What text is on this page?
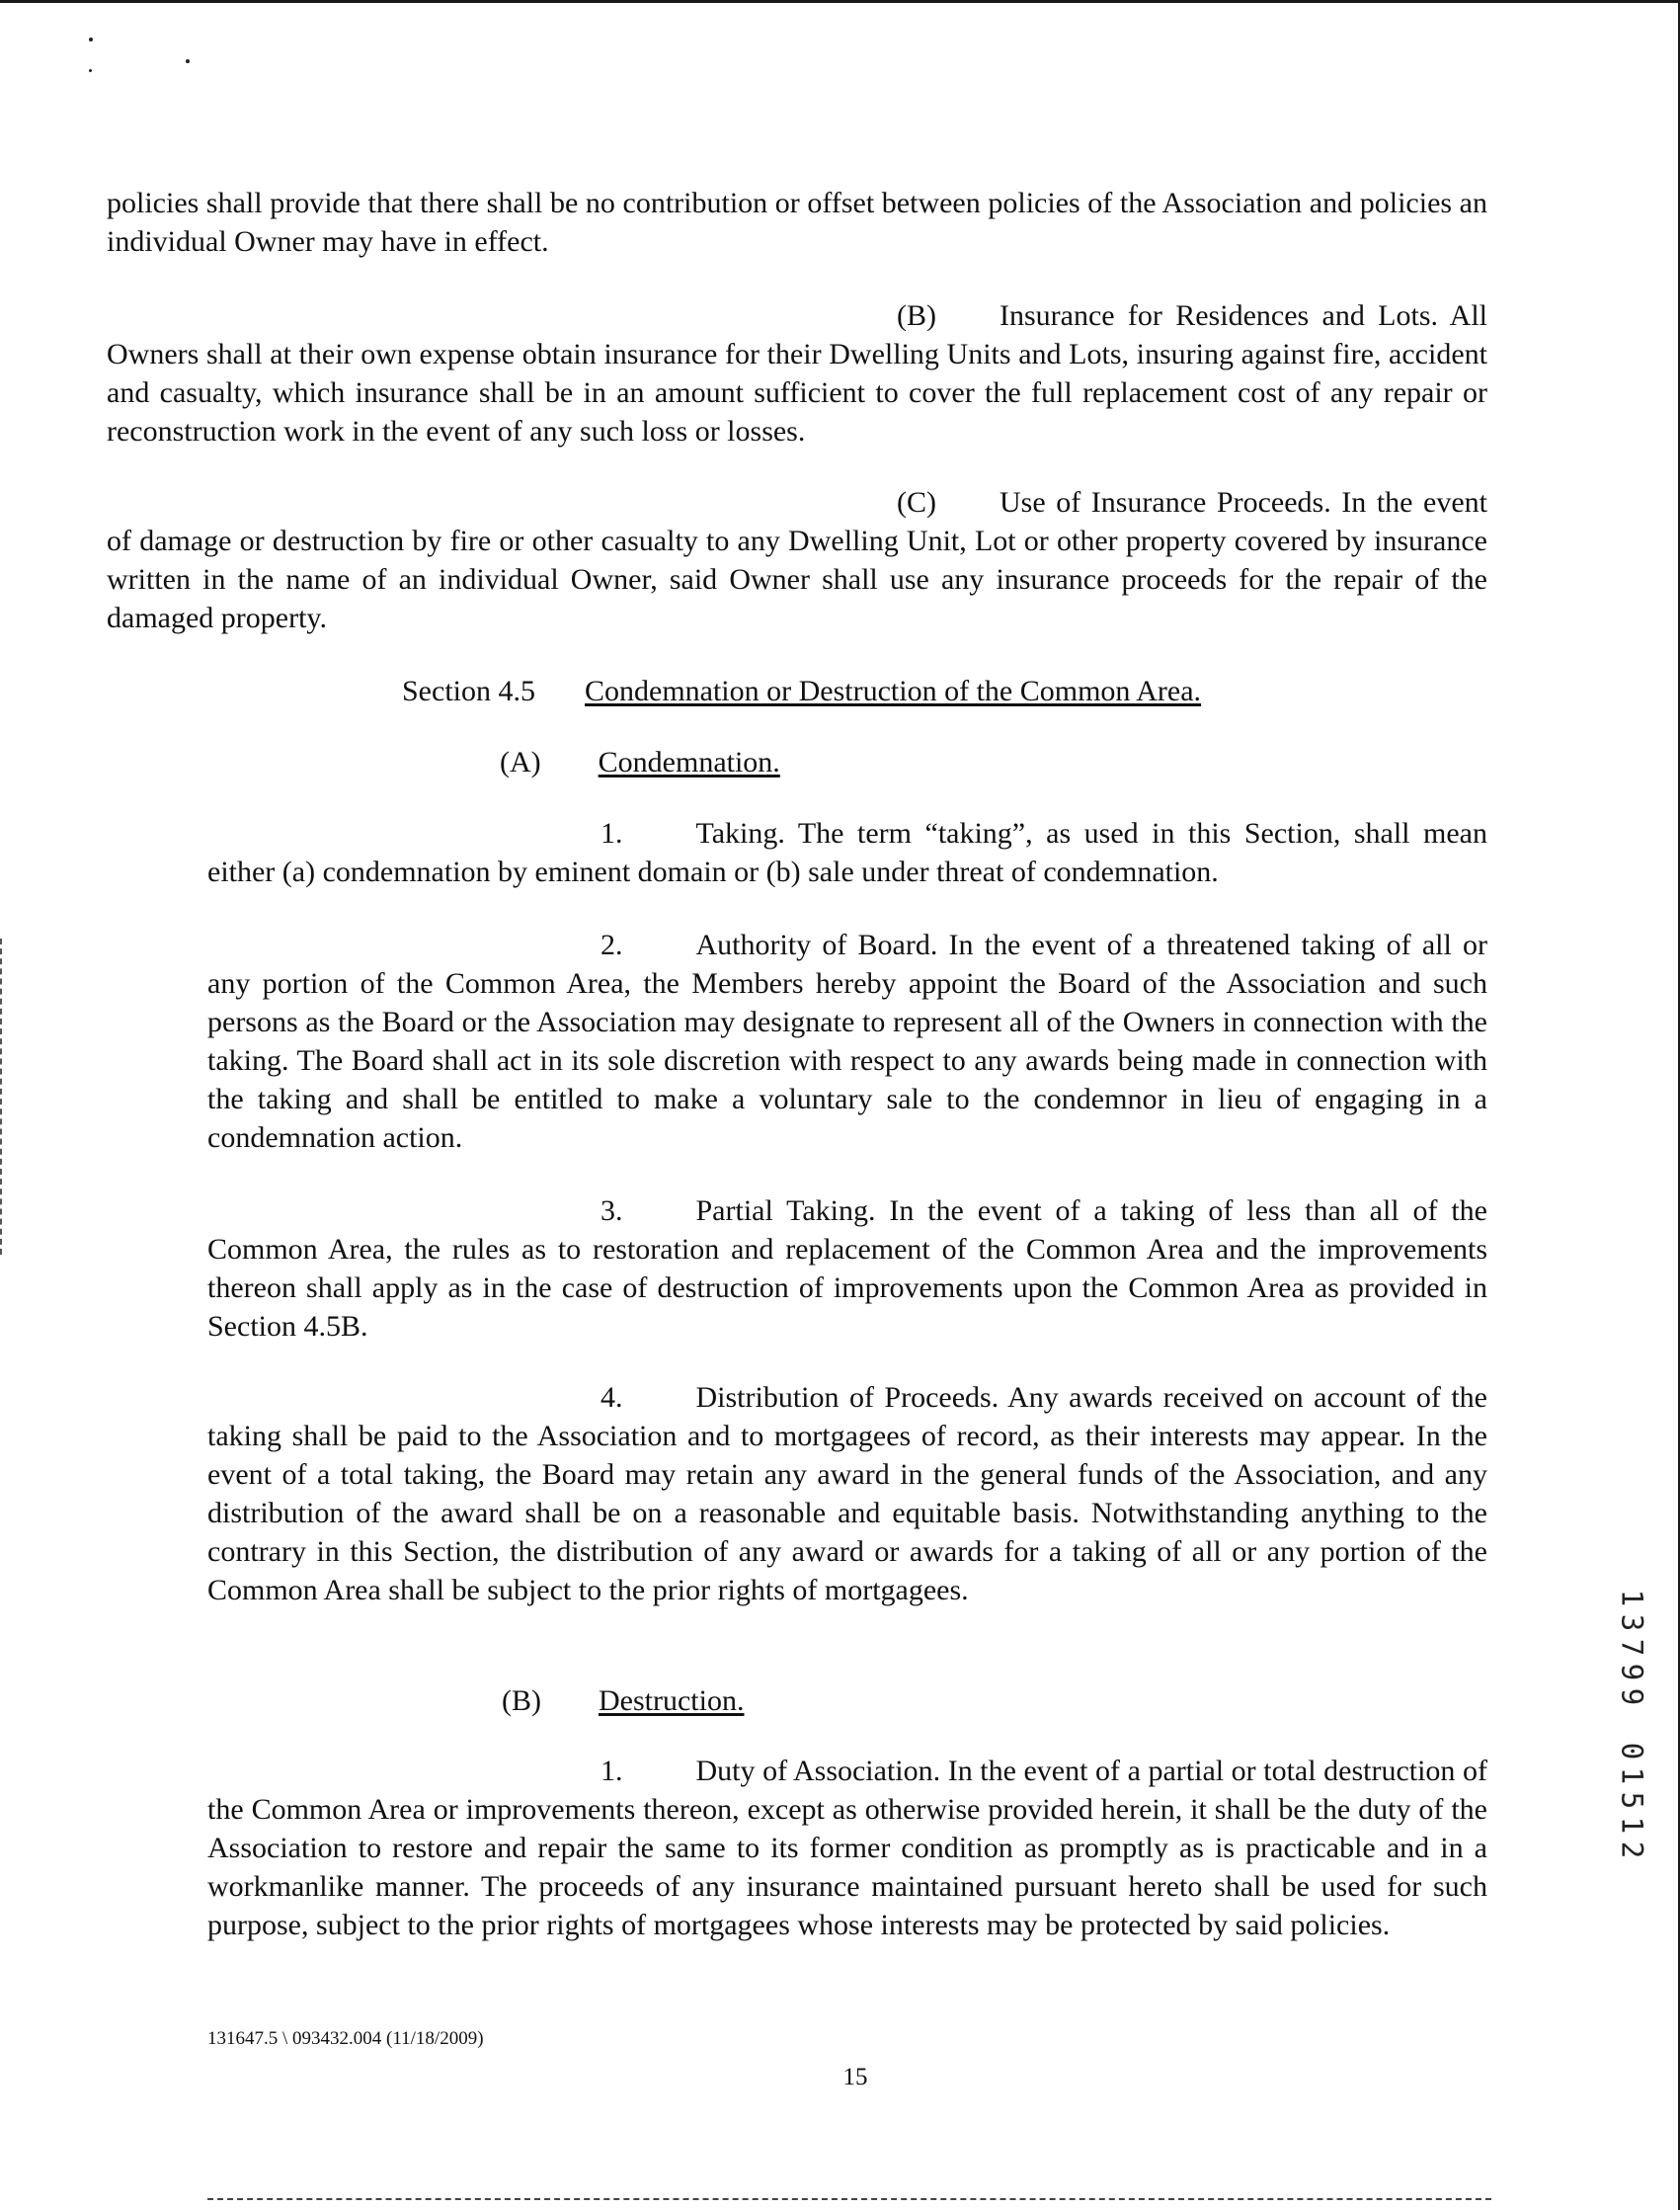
policies shall provide that there shall be no contribution or offset between policies of the Association and policies an individual Owner may have in effect.

(B) Insurance for Residences and Lots. All Owners shall at their own expense obtain insurance for their Dwelling Units and Lots, insuring against fire, accident and casualty, which insurance shall be in an amount sufficient to cover the full replacement cost of any repair or reconstruction work in the event of any such loss or losses.

(C) Use of Insurance Proceeds. In the event of damage or destruction by fire or other casualty to any Dwelling Unit, Lot or other property covered by insurance written in the name of an individual Owner, said Owner shall use any insurance proceeds for the repair of the damaged property.

Section 4.5 Condemnation or Destruction of the Common Area.
(A) Condemnation.

1. Taking. The term “taking”, as used in this Section, shall mean either (a) condemnation by eminent domain or (b) sale under threat of condemnation.

2. Authority of Board. In the event of a threatened taking of all or any portion of the Common Area, the Members hereby appoint the Board of the Association and such persons as the Board or the Association may designate to represent all of the Owners in connection with the taking. The Board shall act in its sole discretion with respect to any awards being made in connection with the taking and shall be entitled to make a voluntary sale to the condemnor in lieu of engaging in a condemnation action.

3. Partial Taking. In the event of a taking of less than all of the Common Area, the rules as to restoration and replacement of the Common Area and the improvements thereon shall apply as in the case of destruction of improvements upon the Common Area as provided in Section 4.5B.

4. Distribution of Proceeds. Any awards received on account of the taking shall be paid to the Association and to mortgagees of record, as their interests may appear. In the event of a total taking, the Board may retain any award in the general funds of the Association, and any distribution of the award shall be on a reasonable and equitable basis. Notwithstanding anything to the contrary in this Section, the distribution of any award or awards for a taking of all or any portion of the Common Area shall be subject to the prior rights of mortgagees.

(B) Destruction.

1. Duty of Association. In the event of a partial or total destruction of the Common Area or improvements thereon, except as otherwise provided herein, it shall be the duty of the Association to restore and repair the same to its former condition as promptly as is practicable and in a workmanlike manner. The proceeds of any insurance maintained pursuant hereto shall be used for such purpose, subject to the prior rights of mortgagees whose interests may be protected by said policies.

131647.5 \ 093432.004 (11/18/2009)
15
1
3
7
9
9
0
1
5
1
2
